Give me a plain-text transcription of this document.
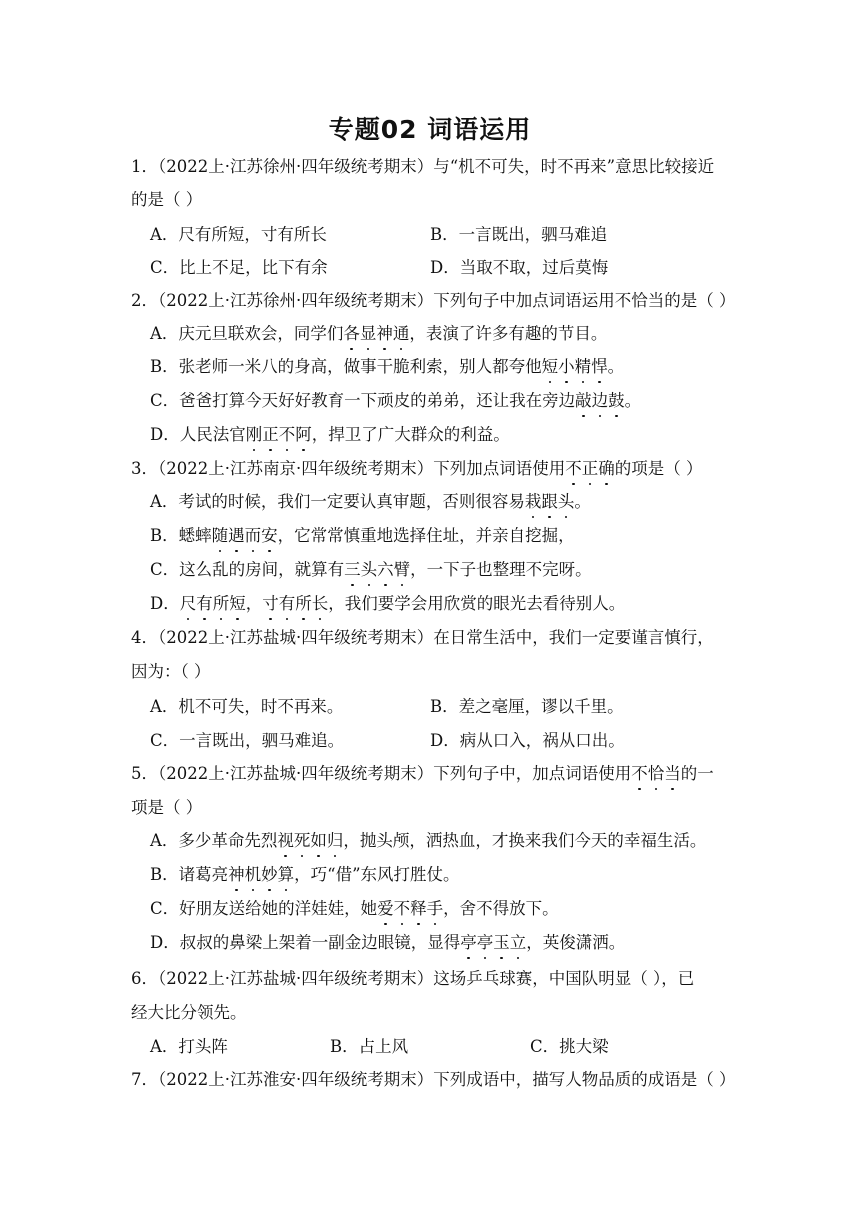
专题02 词语运用
1．（2022上·江苏徐州·四年级统考期末）与“机不可失，时不再来”意思比较接近
的是（ ）
A．尺有所短，寸有所长	B．一言既出，驷马难追
C．比上不足，比下有余	D．当取不取，过后莫悔
2．（2022上·江苏徐州·四年级统考期末）下列句子中加点词语运用不恰当的是（ ）
A．庆元旦联欢会，同学们各显神通，表演了许多有趣的节目。
B．张老师一米八的身高，做事干脆利索，别人都夸他短小精悍。
C．爸爸打算今天好好教育一下顽皮的弟弟，还让我在旁边敲边鼓。
D．人民法官刚正不阿，捍卫了广大群众的利益。
3．（2022上·江苏南京·四年级统考期末）下列加点词语使用不正确的项是（ ）
A．考试的时候，我们一定要认真审题，否则很容易栽跟头。
B．蟋蟀随遇而安，它常常慎重地选择住址，并亲自挖掘，
C．这么乱的房间，就算有三头六臂，一下子也整理不完呀。
D．尺有所短，寸有所长，我们要学会用欣赏的眼光去看待别人。
4．（2022上·江苏盐城·四年级统考期末）在日常生活中，我们一定要谨言慎行，
因为：（ ）
A．机不可失，时不再来。	B．差之毫厘，谬以千里。
C．一言既出，驷马难追。	D．病从口入，祸从口出。
5．（2022上·江苏盐城·四年级统考期末）下列句子中，加点词语使用不恰当的一
项是（ ）
A．多少革命先烈视死如归，抛头颅，洒热血，才换来我们今天的幸福生活。
B．诸葛亮神机妙算，巧“借”东风打胜仗。
C．好朋友送给她的洋娃娃，她爱不释手，舍不得放下。
D．叔叔的鼻梁上架着一副金边眼镜，显得亭亭玉立，英俊潇洒。
6．（2022上·江苏盐城·四年级统考期末）这场乒乓球赛，中国队明显（ ），已
经大比分领先。
A．打头阵	B．占上风	C．挑大梁
7．（2022上·江苏淮安·四年级统考期末）下列成语中，描写人物品质的成语是（ ）
